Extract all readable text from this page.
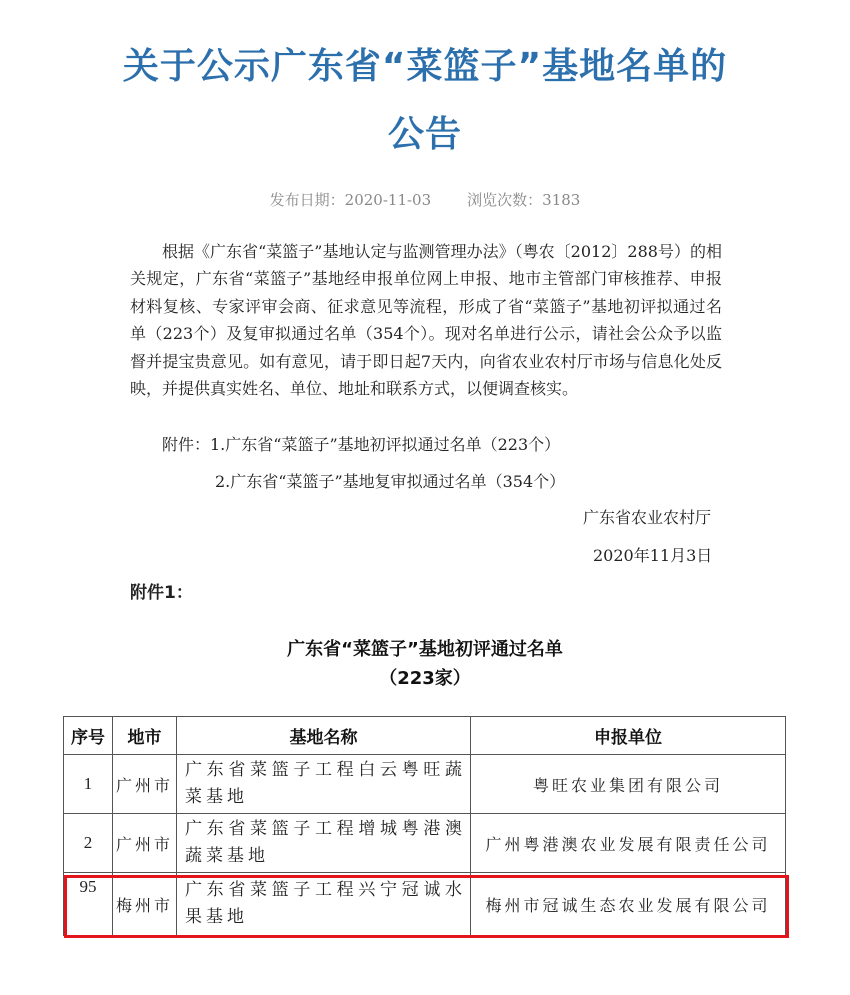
关于公示广东省“菜篮子”基地名单的
公告
发布日期：2020-11-03 浏览次数：3183

根据《广东省“菜篮子”基地认定与监测管理办法》（粤农〔2012〕288号）的相关规定，广东省“菜篮子”基地经申报单位网上申报、地市主管部门审核推荐、申报材料复核、专家评审会商、征求意见等流程，形成了省“菜篮子”基地初评拟通过名单（223个）及复审拟通过名单（354个）。现对名单进行公示，请社会公众予以监督并提宝贵意见。如有意见，请于即日起7天内，向省农业农村厅市场与信息化处反映，并提供真实姓名、单位、地址和联系方式，以便调查核实。

附件：1.广东省“菜篮子”基地初评拟通过名单（223个）
2.广东省“菜篮子”基地复审拟通过名单（354个）
广东省农业农村厅
2020年11月3日
附件1：
广东省“菜篮子”基地初评通过名单
（223家）
序号	地市	基地名称	申报单位
1	广州市	广东省菜篮子工程白云粤旺蔬菜基地	粤旺农业集团有限公司
2	广州市	广东省菜篮子工程增城粤港澳蔬菜基地	广州粤港澳农业发展有限责任公司
95	梅州市	广东省菜篮子工程兴宁冠诚水果基地	梅州市冠诚生态农业发展有限公司
